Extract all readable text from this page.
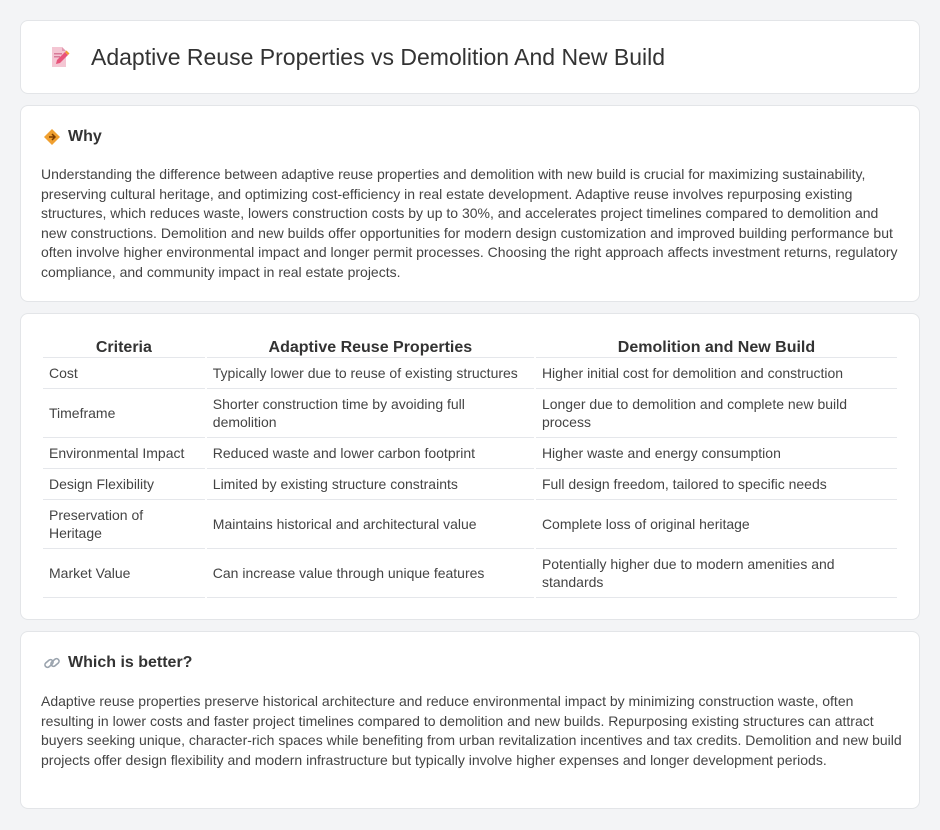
Adaptive Reuse Properties vs Demolition And New Build
Why

Understanding the difference between adaptive reuse properties and demolition with new build is crucial for maximizing sustainability, preserving cultural heritage, and optimizing cost-efficiency in real estate development. Adaptive reuse involves repurposing existing structures, which reduces waste, lowers construction costs by up to 30%, and accelerates project timelines compared to demolition and new constructions. Demolition and new builds offer opportunities for modern design customization and improved building performance but often involve higher environmental impact and longer permit processes. Choosing the right approach affects investment returns, regulatory compliance, and community impact in real estate projects.

Criteria	Adaptive Reuse Properties	Demolition and New Build
Cost	Typically lower due to reuse of existing structures	Higher initial cost for demolition and construction
Timeframe	Shorter construction time by avoiding full demolition	Longer due to demolition and complete new build process
Environmental Impact	Reduced waste and lower carbon footprint	Higher waste and energy consumption
Design Flexibility	Limited by existing structure constraints	Full design freedom, tailored to specific needs
Preservation of Heritage	Maintains historical and architectural value	Complete loss of original heritage
Market Value	Can increase value through unique features	Potentially higher due to modern amenities and standards
Which is better?

Adaptive reuse properties preserve historical architecture and reduce environmental impact by minimizing construction waste, often resulting in lower costs and faster project timelines compared to demolition and new builds. Repurposing existing structures can attract buyers seeking unique, character-rich spaces while benefiting from urban revitalization incentives and tax credits. Demolition and new build projects offer design flexibility and modern infrastructure but typically involve higher expenses and longer development periods.
